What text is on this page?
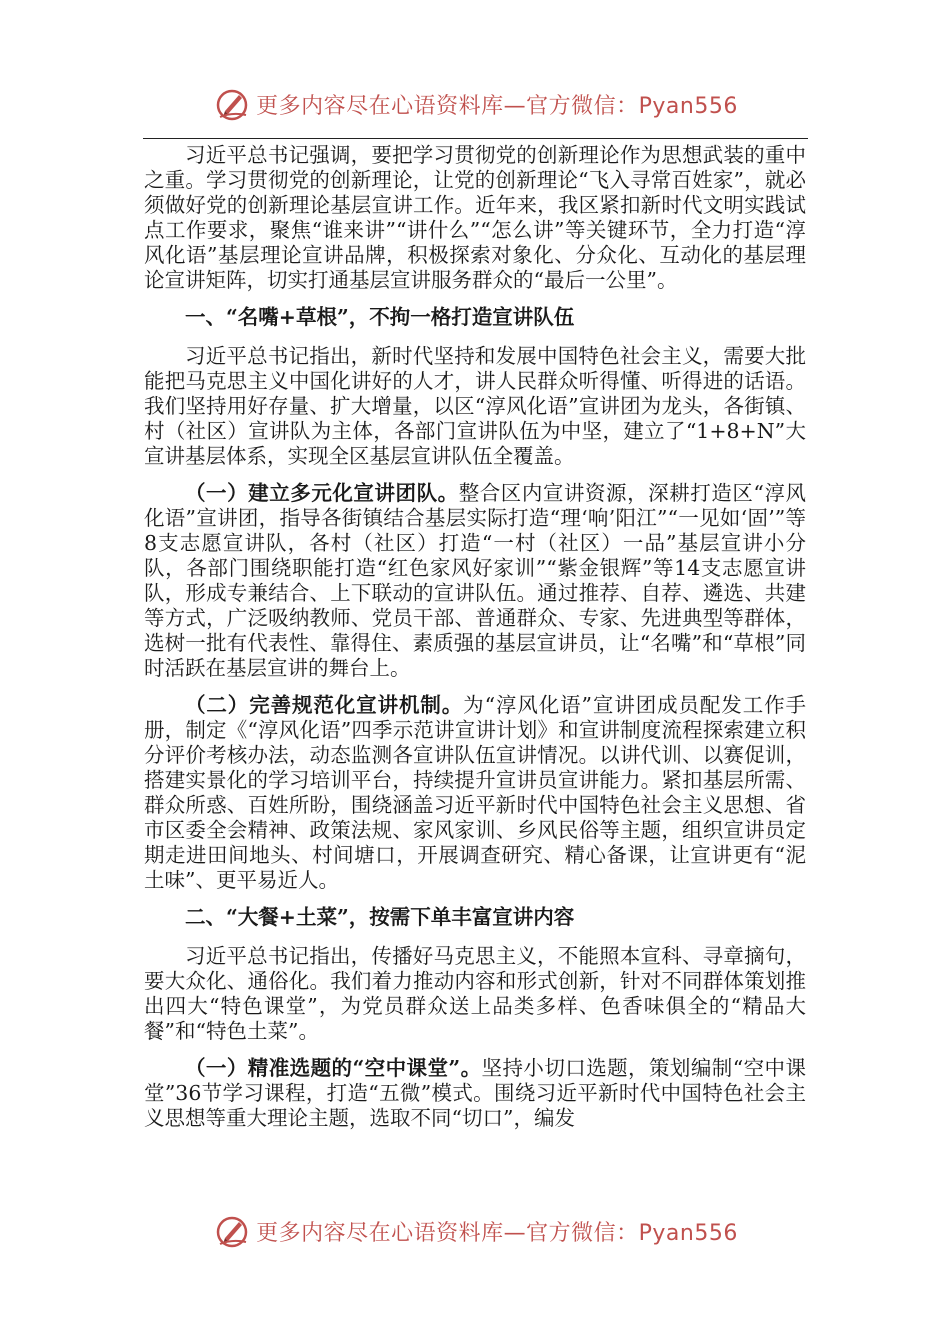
更多内容尽在心语资料库—官方微信：Pyan556

习近平总书记强调，要把学习贯彻党的创新理论作为思想武装的重中之重。学习贯彻党的创新理论，让党的创新理论“飞入寻常百姓家”，就必须做好党的创新理论基层宣讲工作。近年来，我区紧扣新时代文明实践试点工作要求，聚焦“谁来讲”“讲什么”“怎么讲”等关键环节，全力打造“淳风化语”基层理论宣讲品牌，积极探索对象化、分众化、互动化的基层理论宣讲矩阵，切实打通基层宣讲服务群众的“最后一公里”。

一、“名嘴+草根”，不拘一格打造宣讲队伍

习近平总书记指出，新时代坚持和发展中国特色社会主义，需要大批能把马克思主义中国化讲好的人才，讲人民群众听得懂、听得进的话语。我们坚持用好存量、扩大增量，以区“淳风化语”宣讲团为龙头，各街镇、村（社区）宣讲队为主体，各部门宣讲队伍为中坚，建立了“1+8+N”大宣讲基层体系，实现全区基层宣讲队伍全覆盖。

（一）建立多元化宣讲团队。整合区内宣讲资源，深耕打造区“淳风化语”宣讲团，指导各街镇结合基层实际打造“理‘响’阳江”“一见如‘固’”等8支志愿宣讲队，各村（社区）打造“一村（社区）一品”基层宣讲小分队，各部门围绕职能打造“红色家风好家训”“紫金银辉”等14支志愿宣讲队，形成专兼结合、上下联动的宣讲队伍。通过推荐、自荐、遴选、共建等方式，广泛吸纳教师、党员干部、普通群众、专家、先进典型等群体，选树一批有代表性、靠得住、素质强的基层宣讲员，让“名嘴”和“草根”同时活跃在基层宣讲的舞台上。

（二）完善规范化宣讲机制。为“淳风化语”宣讲团成员配发工作手册，制定《“淳风化语”四季示范讲宣讲计划》和宣讲制度流程探索建立积分评价考核办法，动态监测各宣讲队伍宣讲情况。以讲代训、以赛促训，搭建实景化的学习培训平台，持续提升宣讲员宣讲能力。紧扣基层所需、群众所惑、百姓所盼，围绕涵盖习近平新时代中国特色社会主义思想、省市区委全会精神、政策法规、家风家训、乡风民俗等主题，组织宣讲员定期走进田间地头、村间塘口，开展调查研究、精心备课，让宣讲更有“泥土味”、更平易近人。

二、“大餐+土菜”，按需下单丰富宣讲内容

习近平总书记指出，传播好马克思主义，不能照本宣科、寻章摘句，要大众化、通俗化。我们着力推动内容和形式创新，针对不同群体策划推出四大“特色课堂”，为党员群众送上品类多样、色香味俱全的“精品大餐”和“特色土菜”。

（一）精准选题的“空中课堂”。坚持小切口选题，策划编制“空中课堂”36节学习课程，打造“五微”模式。围绕习近平新时代中国特色社会主义思想等重大理论主题，选取不同“切口”，编发

更多内容尽在心语资料库—官方微信：Pyan556
